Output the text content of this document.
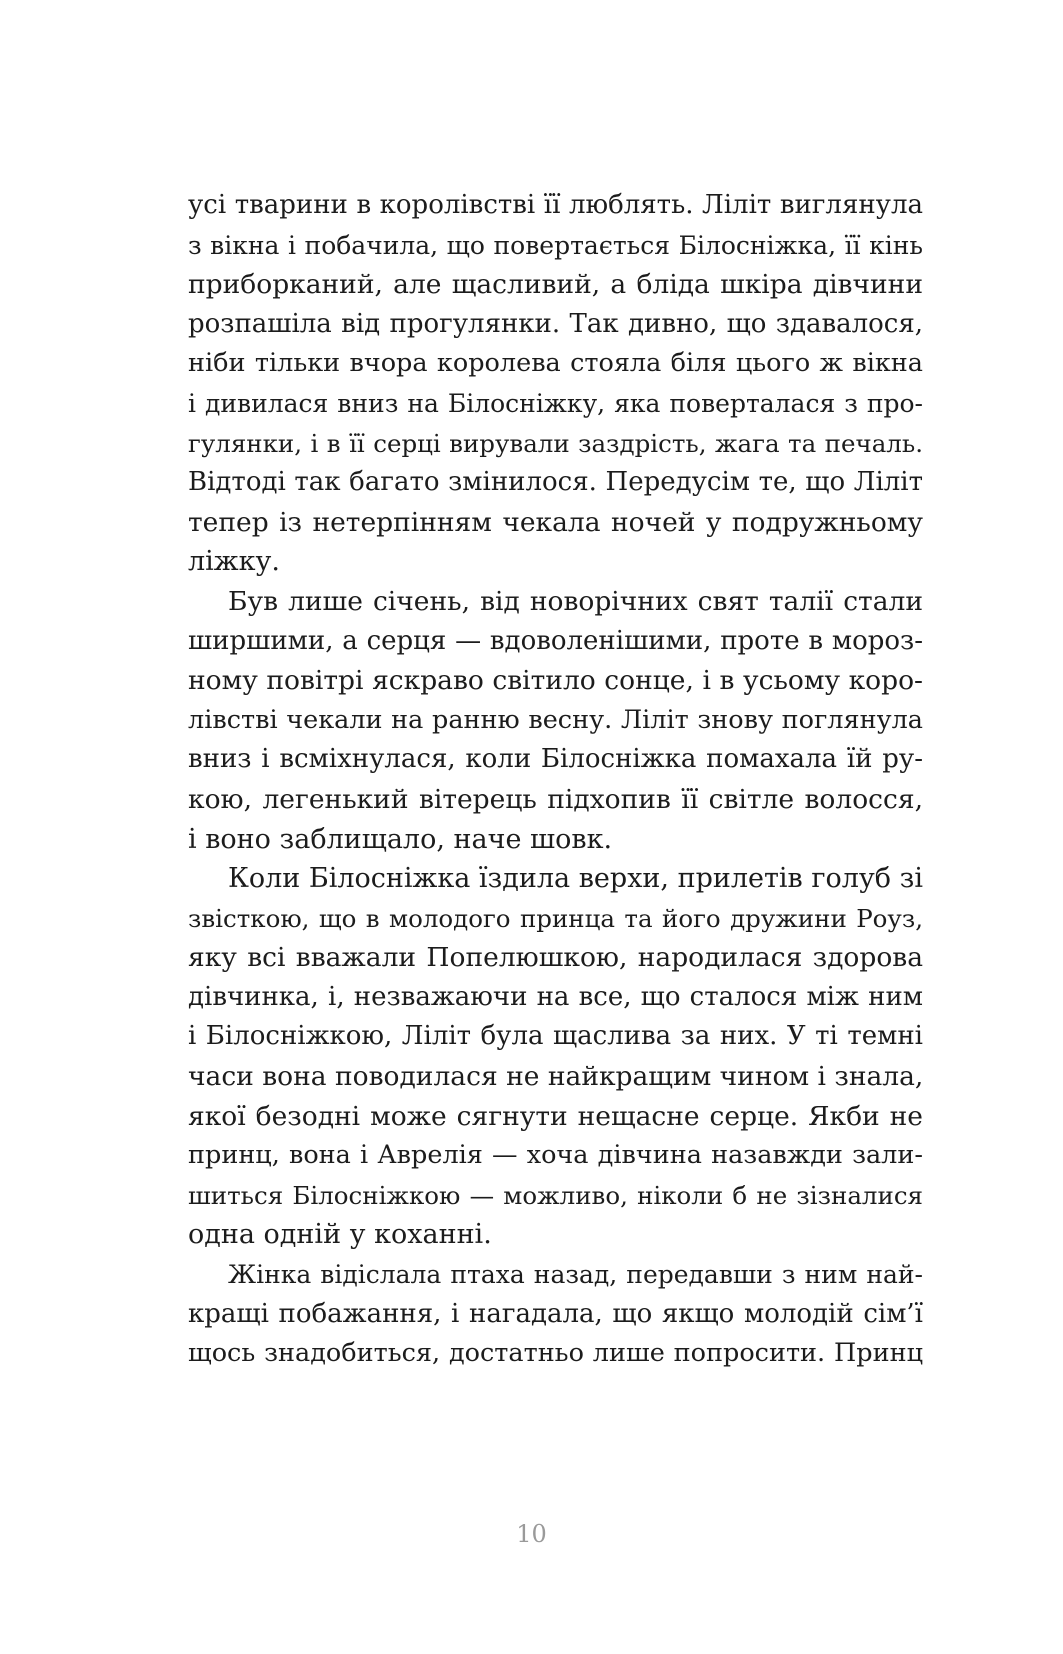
усі тварини в королівстві її люблять. Ліліт виглянула
з вікна і побачила, що повертається Білосніжка, її кінь
приборканий, але щасливий, а бліда шкіра дівчини
розпашіла від прогулянки. Так дивно, що здавалося,
ніби тільки вчора королева стояла біля цього ж вікна
і дивилася вниз на Білосніжку, яка поверталася з про-
гулянки, і в її серці вирували заздрість, жага та печаль.
Відтоді так багато змінилося. Передусім те, що Ліліт
тепер із нетерпінням чекала ночей у подружньому
ліжку.
Був лише січень, від новорічних свят талії стали
ширшими, а серця — вдоволенішими, проте в мороз-
ному повітрі яскраво світило сонце, і в усьому коро-
лівстві чекали на ранню весну. Ліліт знову поглянула
вниз і всміхнулася, коли Білосніжка помахала їй ру-
кою, легенький вітерець підхопив її світле волосся,
і воно заблищало, наче шовк.
Коли Білосніжка їздила верхи, прилетів голуб зі
звісткою, що в молодого принца та його дружини Роуз,
яку всі вважали Попелюшкою, народилася здорова
дівчинка, і, незважаючи на все, що сталося між ним
і Білосніжкою, Ліліт була щаслива за них. У ті темні
часи вона поводилася не найкращим чином і знала,
якої безодні може сягнути нещасне серце. Якби не
принц, вона і Аврелія — хоча дівчина назавжди зали-
шиться Білосніжкою — можливо, ніколи б не зізналися
одна одній у коханні.
Жінка відіслала птаха назад, передавши з ним най-
кращі побажання, і нагадала, що якщо молодій сім’ї
щось знадобиться, достатньо лише попросити. Принц
10
